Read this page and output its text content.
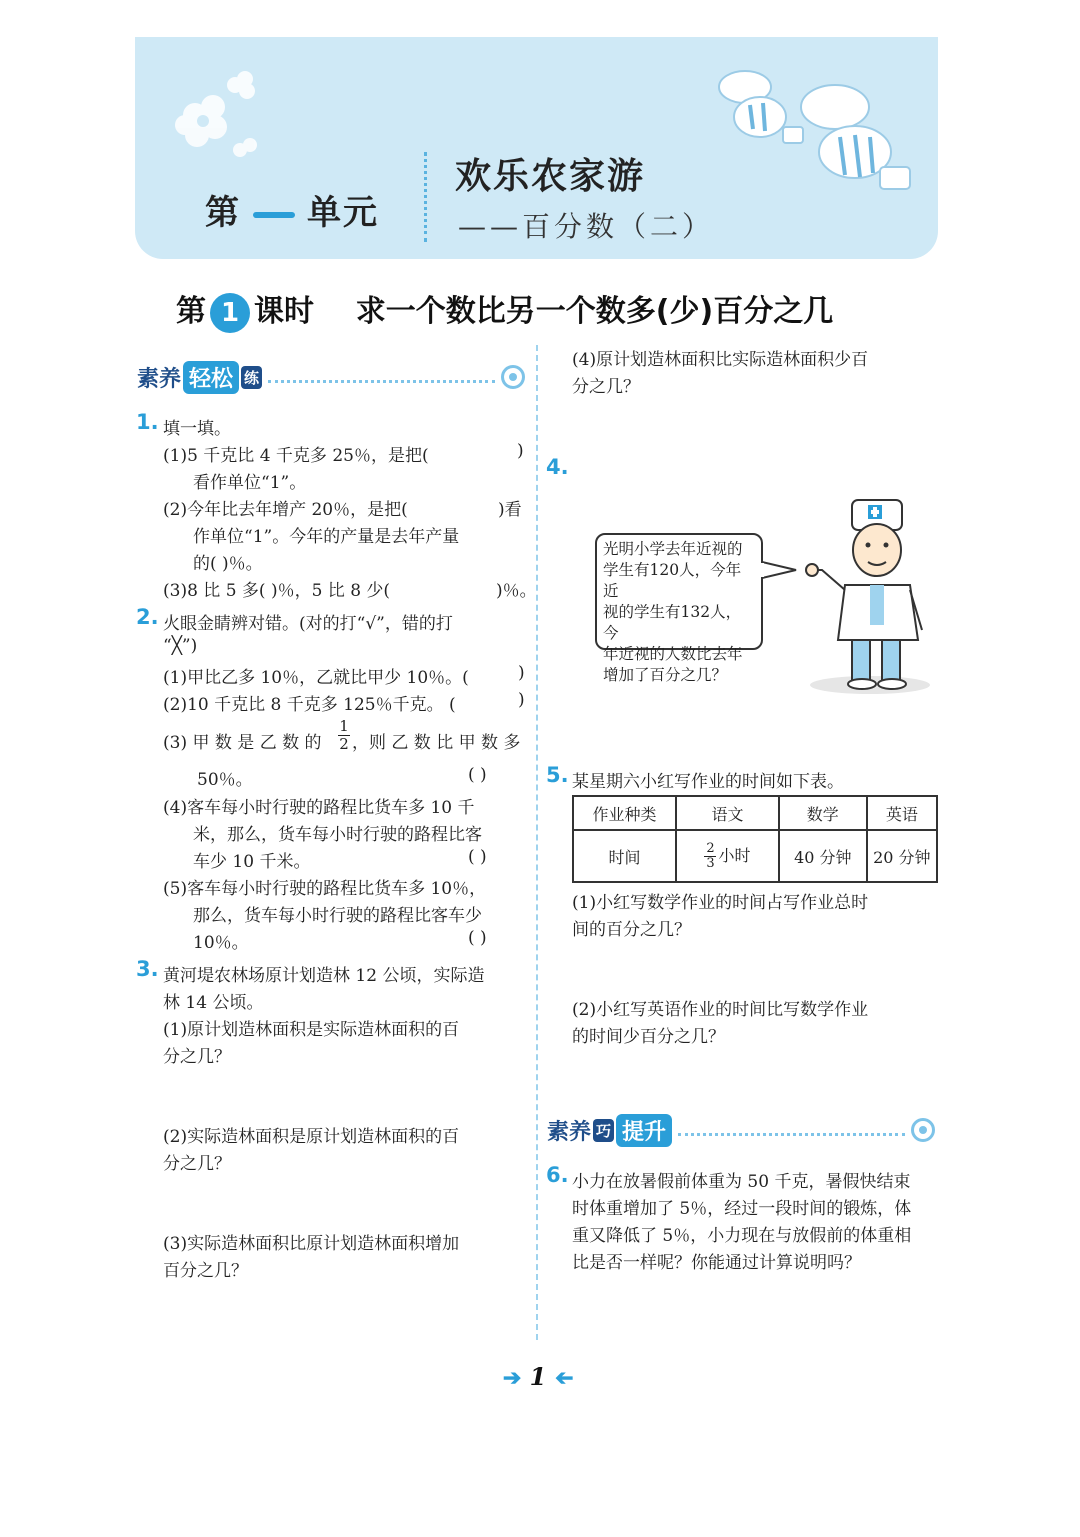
第 单元
欢乐农家游
——百分数（二）
第 1 课时 求一个数比另一个数多(少)百分之几
素养 轻松 练
1. 填一填。
(1)5 千克比 4 千克多 25％，是把(	)
看作单位“1”。
(2)今年比去年增产 20％，是把(	)看
作单位“1”。今年的产量是去年产量
的( )％。
(3)8 比 5 多( )％，5 比 8 少(	)％。
2. 火眼金睛辨对错。(对的打“√”，错的打
“╳”)
(1)甲比乙多 10％，乙就比甲少 10％。(	)
(2)10 千克比 8 千克多 125％千克。 (	)
(3) 甲 数 是 乙 数 的
1
2 ，则 乙 数 比 甲 数 多
50％。	( )
(4)客车每小时行驶的路程比货车多 10 千
米，那么，货车每小时行驶的路程比客
车少 10 千米。	( )
(5)客车每小时行驶的路程比货车多 10％，
那么，货车每小时行驶的路程比客车少
10％。	( )
3. 黄河堤农林场原计划造林 12 公顷，实际造
林 14 公顷。
(1)原计划造林面积是实际造林面积的百
分之几？
(2)实际造林面积是原计划造林面积的百
分之几？
(3)实际造林面积比原计划造林面积增加
百分之几？
(4)原计划造林面积比实际造林面积少百
分之几？
4.
光明小学去年近视的
学生有120人，今年近
视的学生有132人，今
年近视的人数比去年
增加了百分之几？
5. 某星期六小红写作业的时间如下表。
作业种类	语文	数学	英语
时间	$\frac{2}{3}$ 小时	40 分钟	20 分钟
(1)小红写数学作业的时间占写作业总时
间的百分之几？
(2)小红写英语作业的时间比写数学作业
的时间少百分之几？
素养 巧 提升
6. 小力在放暑假前体重为 50 千克，暑假快结束
时体重增加了 5％，经过一段时间的锻炼，体
重又降低了 5％，小力现在与放假前的体重相
比是否一样呢？你能通过计算说明吗？
➔ 1 ➔
